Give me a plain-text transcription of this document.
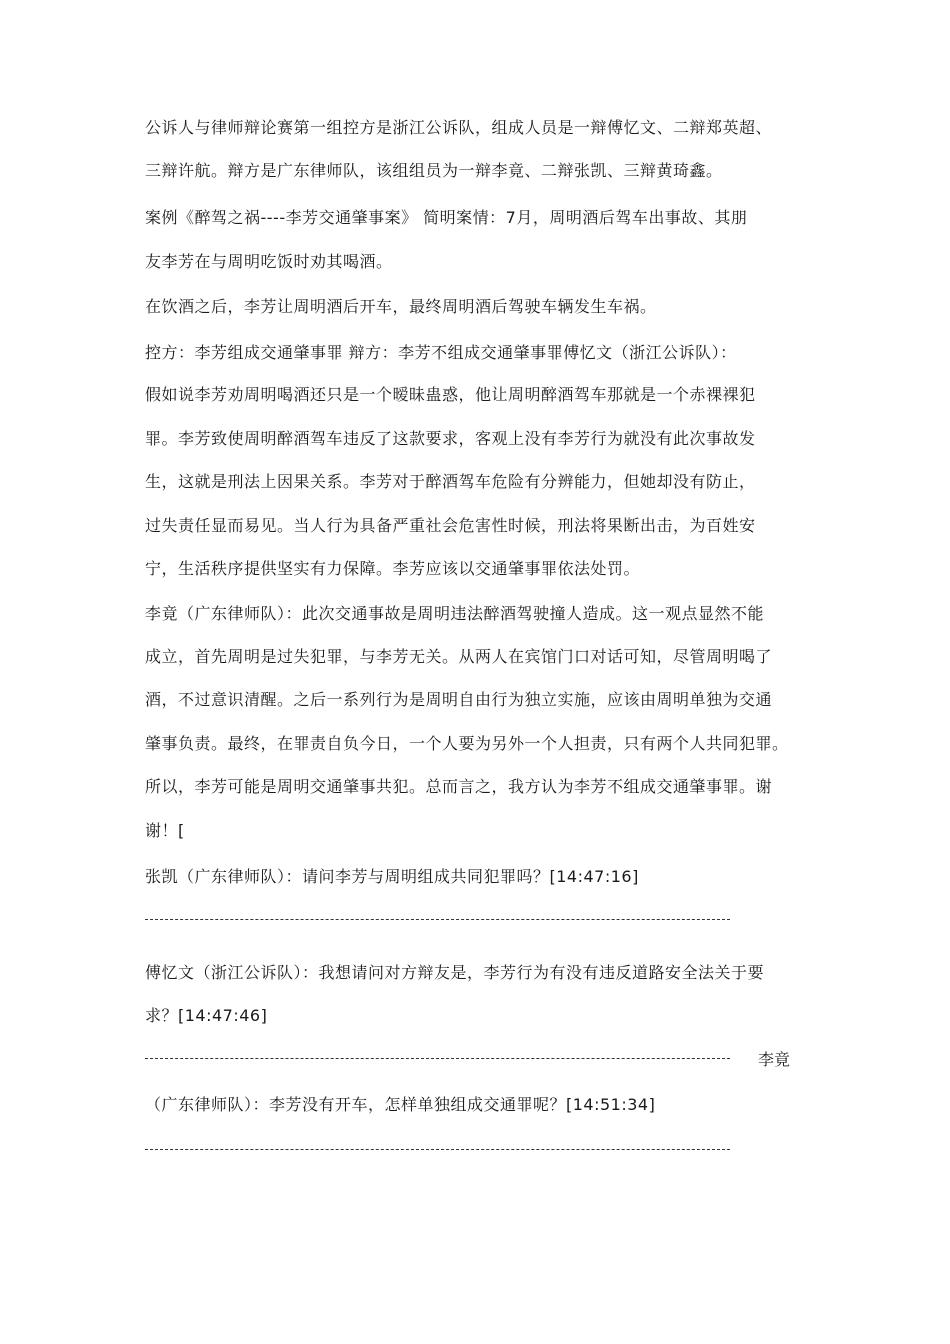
公诉人与律师辩论赛第一组控方是浙江公诉队，组成人员是一辩傅忆文、二辩郑英超、

三辩许航。辩方是广东律师队，该组组员为一辩李竟、二辩张凯、三辩黄琦鑫。

案例《醉驾之祸----李芳交通肇事案》 简明案情：7月，周明酒后驾车出事故、其朋

友李芳在与周明吃饭时劝其喝酒。

在饮酒之后，李芳让周明酒后开车，最终周明酒后驾驶车辆发生车祸。

控方：李芳组成交通肇事罪 辩方：李芳不组成交通肇事罪傅忆文（浙江公诉队）：

假如说李芳劝周明喝酒还只是一个暧昧蛊惑，他让周明醉酒驾车那就是一个赤裸裸犯

罪。李芳致使周明醉酒驾车违反了这款要求，客观上没有李芳行为就没有此次事故发

生，这就是刑法上因果关系。李芳对于醉酒驾车危险有分辨能力，但她却没有防止，

过失责任显而易见。当人行为具备严重社会危害性时候，刑法将果断出击，为百姓安

宁，生活秩序提供坚实有力保障。李芳应该以交通肇事罪依法处罚。

李竟（广东律师队）：此次交通事故是周明违法醉酒驾驶撞人造成。这一观点显然不能

成立，首先周明是过失犯罪，与李芳无关。从两人在宾馆门口对话可知，尽管周明喝了

酒，不过意识清醒。之后一系列行为是周明自由行为独立实施，应该由周明单独为交通

肇事负责。最终，在罪责自负今日，一个人要为另外一个人担责，只有两个人共同犯罪。

所以，李芳可能是周明交通肇事共犯。总而言之，我方认为李芳不组成交通肇事罪。谢

谢！[

张凯（广东律师队）：请问李芳与周明组成共同犯罪吗？[14:47:16]

傅忆文（浙江公诉队）：我想请问对方辩友是，李芳行为有没有违反道路安全法关于要

求？[14:47:46]

李竟

（广东律师队）：李芳没有开车，怎样单独组成交通罪呢？[14:51:34]
